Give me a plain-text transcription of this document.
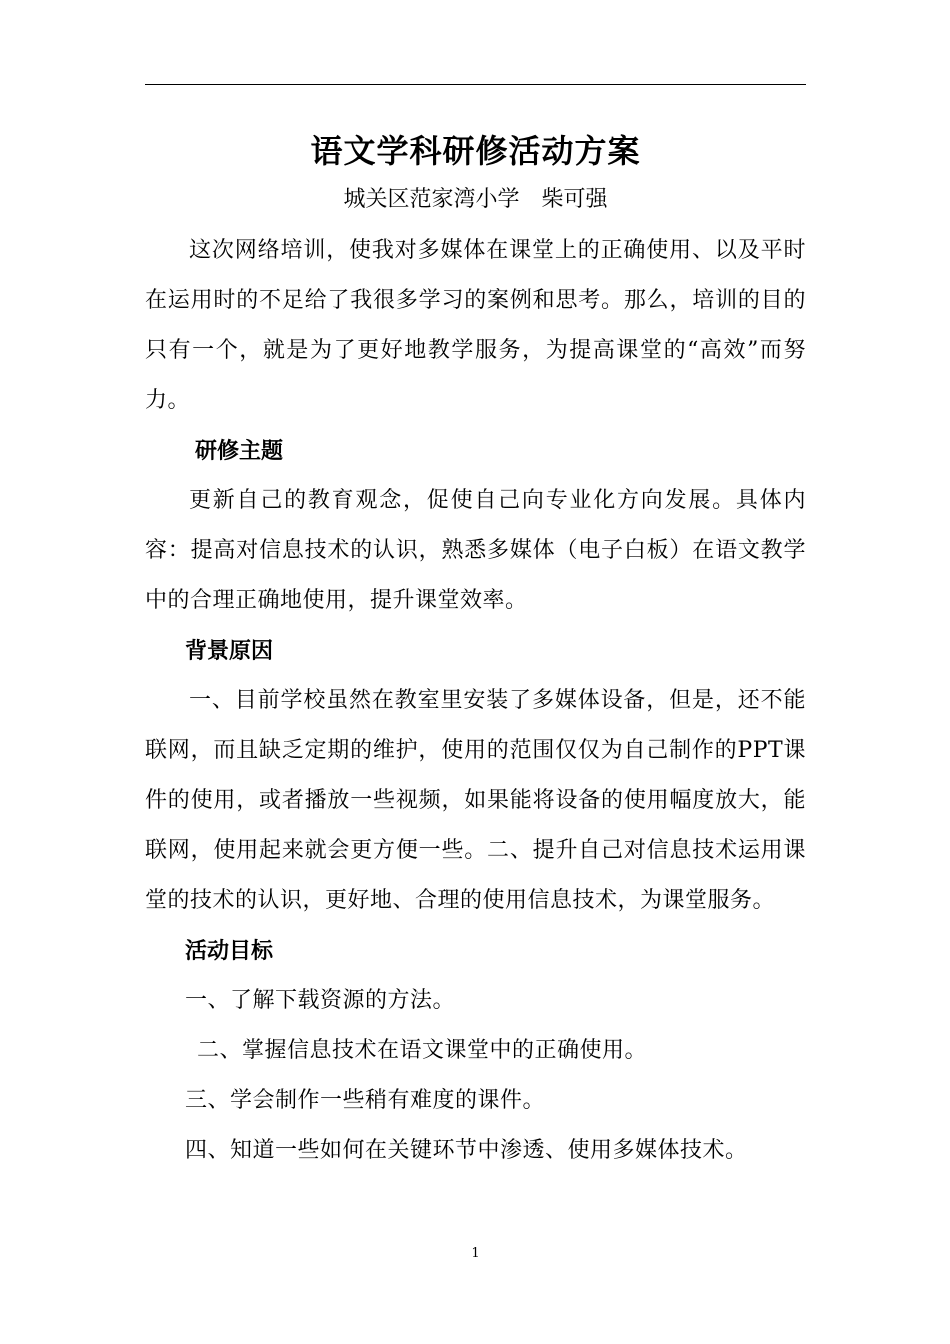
语文学科研修活动方案
城关区范家湾小学　柴可强

这次网络培训，使我对多媒体在课堂上的正确使用、以及平时在运用时的不足给了我很多学习的案例和思考。那么，培训的目的只有一个，就是为了更好地教学服务，为提高课堂的“高效”而努力。

研修主题

更新自己的教育观念，促使自己向专业化方向发展。具体内容：提高对信息技术的认识，熟悉多媒体（电子白板）在语文教学中的合理正确地使用，提升课堂效率。

背景原因

一、目前学校虽然在教室里安装了多媒体设备，但是，还不能联网，而且缺乏定期的维护，使用的范围仅仅为自己制作的PPT课件的使用，或者播放一些视频，如果能将设备的使用幅度放大，能联网，使用起来就会更方便一些。二、提升自己对信息技术运用课堂的技术的认识，更好地、合理的使用信息技术，为课堂服务。

活动目标

一、了解下载资源的方法。

二、掌握信息技术在语文课堂中的正确使用。

三、学会制作一些稍有难度的课件。

四、知道一些如何在关键环节中渗透、使用多媒体技术。

1
